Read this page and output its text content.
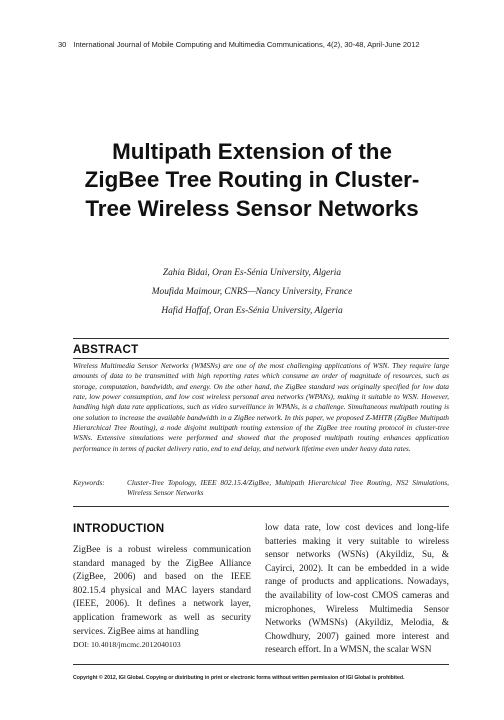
30 International Journal of Mobile Computing and Multimedia Communications, 4(2), 30-48, April-June 2012
Multipath Extension of the ZigBee Tree Routing in Cluster-Tree Wireless Sensor Networks
Zahia Bidai, Oran Es-Sénia University, Algeria
Moufida Maimour, CNRS—Nancy University, France
Hafid Haffaf, Oran Es-Sénia University, Algeria
ABSTRACT

Wireless Multimedia Sensor Networks (WMSNs) are one of the most challenging applications of WSN. They require large amounts of data to be transmitted with high reporting rates which consume an order of magnitude of resources, such as storage, computation, bandwidth, and energy. On the other hand, the ZigBee standard was originally specified for low data rate, low power consumption, and low cost wireless personal area networks (WPANs), making it suitable to WSN. However, handling high data rate applications, such as video surveillance in WPANs, is a challenge. Simultaneous multipath routing is one solution to increase the available bandwidth in a ZigBee network. In this paper, we proposed Z-MHTR (ZigBee Multipath Hierarchical Tree Routing), a node disjoint multipath routing extension of the ZigBee tree routing protocol in cluster-tree WSNs. Extensive simulations were performed and showed that the proposed multipath routing enhances application performance in terms of packet delivery ratio, end to end delay, and network lifetime even under heavy data rates.

Keywords:	Cluster-Tree Topology, IEEE 802.15.4/ZigBee, Multipath Hierarchical Tree Routing, NS2 Simulations, Wireless Sensor Networks
INTRODUCTION

ZigBee is a robust wireless communication standard managed by the ZigBee Alliance (ZigBee, 2006) and based on the IEEE 802.15.4 physical and MAC layers standard (IEEE, 2006). It defines a network layer, application framework as well as security services. ZigBee aims at handling

low data rate, low cost devices and long-life batteries making it very suitable to wireless sensor networks (WSNs) (Akyildiz, Su, & Cayirci, 2002). It can be embedded in a wide range of products and applications. Nowadays, the availability of low-cost CMOS cameras and microphones, Wireless Multimedia Sensor Networks (WMSNs) (Akyildiz, Melodia, & Chowdhury, 2007) gained more interest and research effort. In a WMSN, the scalar WSN

DOI: 10.4018/jmcmc.2012040103
Copyright © 2012, IGI Global. Copying or distributing in print or electronic forms without written permission of IGI Global is prohibited.
